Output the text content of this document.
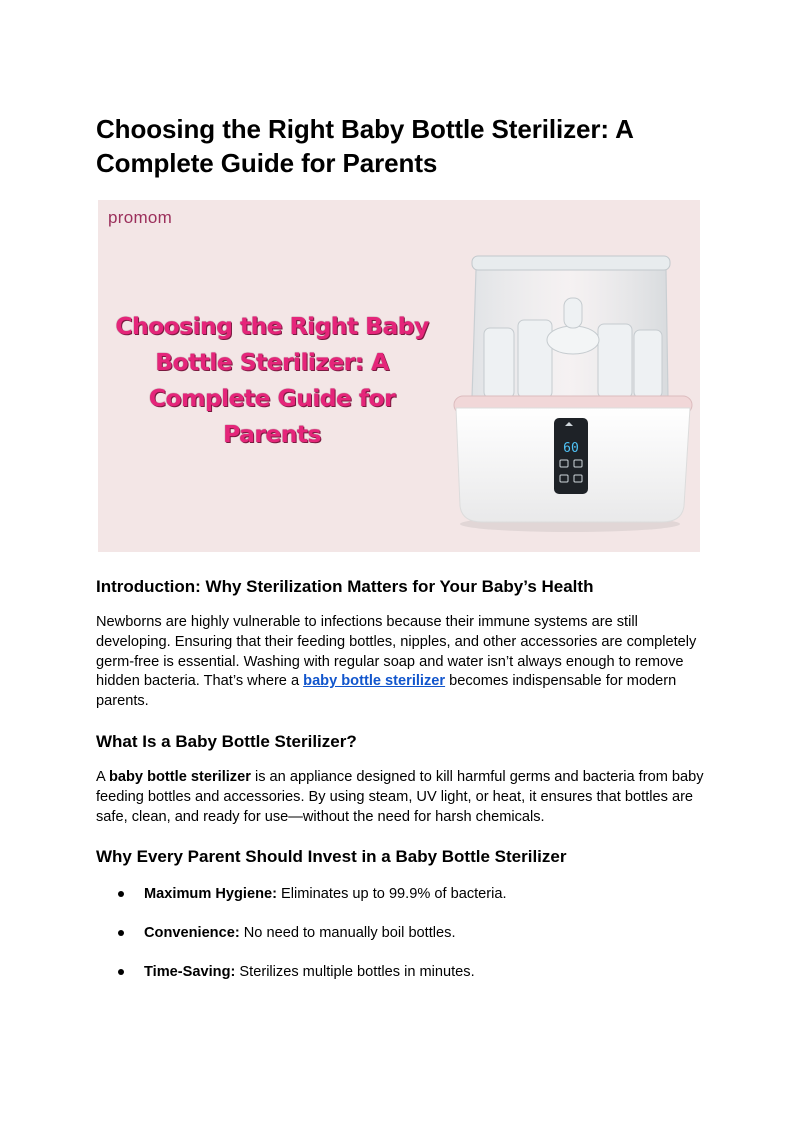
Choosing the Right Baby Bottle Sterilizer: A Complete Guide for Parents
promom
Choosing the Right Baby Bottle Sterilizer: A Complete Guide for Parents
60
Introduction: Why Sterilization Matters for Your Baby’s Health

Newborns are highly vulnerable to infections because their immune systems are still developing. Ensuring that their feeding bottles, nipples, and other accessories are completely germ-free is essential. Washing with regular soap and water isn’t always enough to remove hidden bacteria. That’s where a baby bottle sterilizer becomes indispensable for modern parents.

What Is a Baby Bottle Sterilizer?

A baby bottle sterilizer is an appliance designed to kill harmful germs and bacteria from baby feeding bottles and accessories. By using steam, UV light, or heat, it ensures that bottles are safe, clean, and ready for use—without the need for harsh chemicals.

Why Every Parent Should Invest in a Baby Bottle Sterilizer
Maximum Hygiene: Eliminates up to 99.9% of bacteria.
Convenience: No need to manually boil bottles.
Time-Saving: Sterilizes multiple bottles in minutes.
